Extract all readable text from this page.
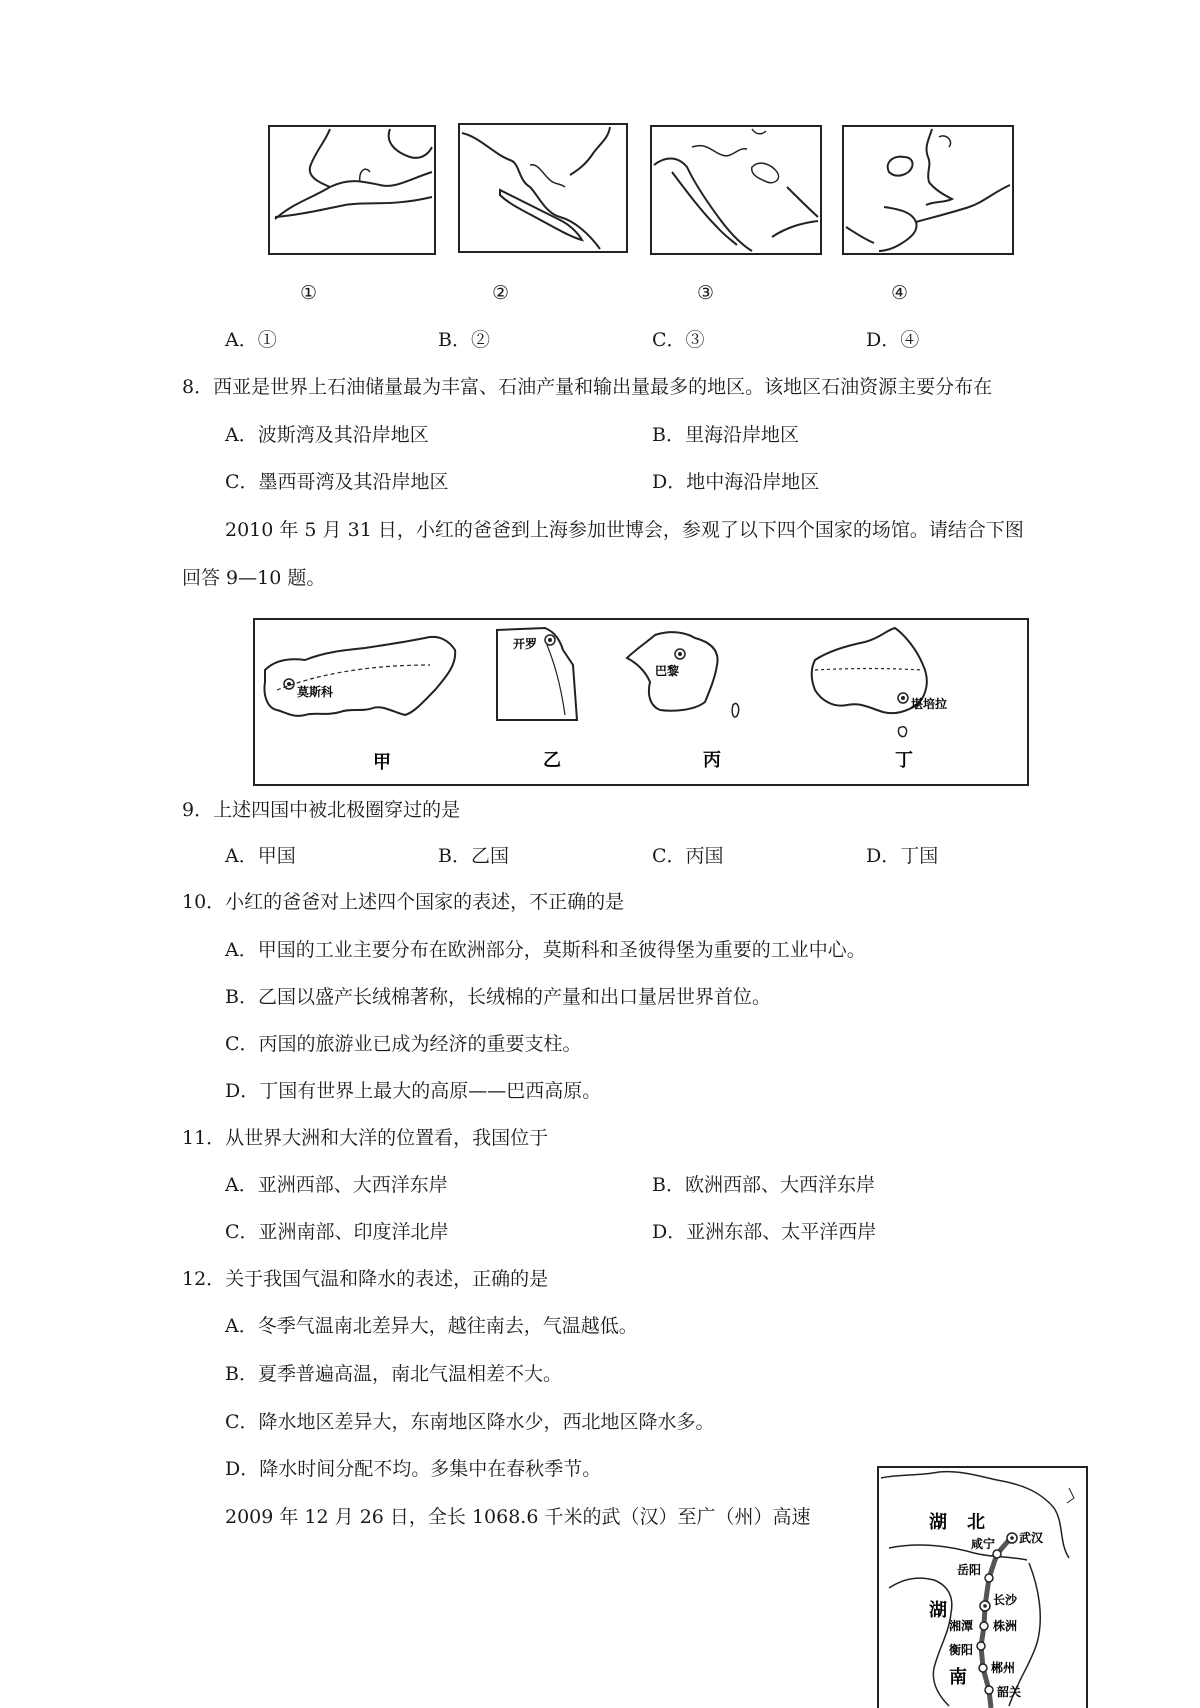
①	②	③	④
A．①	B．②	C．③	D．④
8．西亚是世界上石油储量最为丰富、石油产量和输出量最多的地区。该地区石油资源主要分布在
A．波斯湾及其沿岸地区	B．里海沿岸地区
C．墨西哥湾及其沿岸地区	D．地中海沿岸地区
2010 年 5 月 31 日，小红的爸爸到上海参加世博会，参观了以下四个国家的场馆。请结合下图
回答 9—10 题。
莫斯科
开罗
巴黎
堪培拉
甲	乙	丙	丁
9．上述四国中被北极圈穿过的是
A．甲国	B．乙国	C．丙国	D．丁国
10．小红的爸爸对上述四个国家的表述，不正确的是
A．甲国的工业主要分布在欧洲部分，莫斯科和圣彼得堡为重要的工业中心。
B．乙国以盛产长绒棉著称，长绒棉的产量和出口量居世界首位。
C．丙国的旅游业已成为经济的重要支柱。
D．丁国有世界上最大的高原——巴西高原。
11．从世界大洲和大洋的位置看，我国位于
A．亚洲西部、大西洋东岸	B．欧洲西部、大西洋东岸
C．亚洲南部、印度洋北岸	D．亚洲东部、太平洋西岸
12．关于我国气温和降水的表述，正确的是
A．冬季气温南北差异大，越往南去，气温越低。
B．夏季普遍高温，南北气温相差不大。
C．降水地区差异大，东南地区降水少，西北地区降水多。
D．降水时间分配不均。多集中在春秋季节。
2009 年 12 月 26 日，全长 1068.6 千米的武（汉）至广（州）高速	湖 北
湖
南
武汉
咸宁
岳阳
长沙
株洲
湘潭
衡阳
郴州
韶关
